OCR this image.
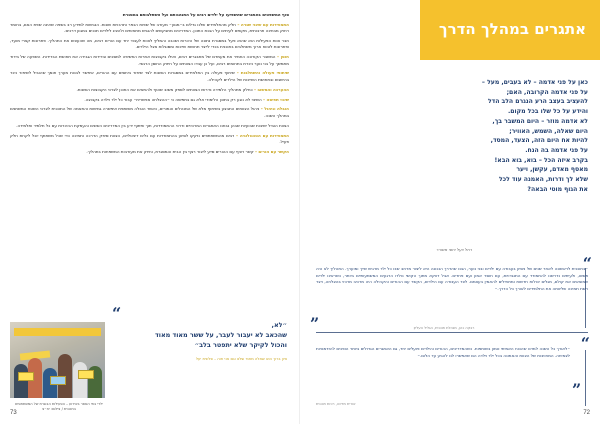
סוף המשפטים באתגרים שהשפיעו על ילדים רבים על התנהגותם ועל השתלבותם במסגרת

התמודדות עם שינוי שגרה – חלק מהתלמידים שלנו גדלים ב״מגוון״ מעורב של שפות הכפר ותרבויות שונות. הנגישות למידע רב בשפה שאינה שפת האם, בחומר רחוק מבחינה תרבותית, מקשים לעיתים על הבנת התוכן. המדריכים מתבקשים להנגיש מתאימים ולהציג לילדים תכנים במגוון דרכים.

חבר צוות הפעילות הוא שהוא פעל במסגרת נתונה של היכרות ושכבה והמליץ לצוות לעבוד יחד עם הורים רבים, מה שהעצים את התהליך. פתרונות קצרי מועד, ופתרונות לטווח ארוך משתלבים בתוכנית בכדי לייצר תחושת שייכות ומסוגלות אצל הילדים.

חוסן – המשבר הקורונה החמיר את מעמדם של מתבגרים רבים, ואילו בקבוצות אחרות החשיפה למסכים ובדידות הגבירה את תחושת הבדידות. השפעה של בידוד מתמשך על בני נוער ניכרת בתחומים רבים, ועל כן עבדו הצוותים על חיזוק החוסן הרגשי.

שיתופי פעולה והשתלבות – שיתוף פעולה בין התלמידים במסגרות השונות לצד שיפור ביחסים עם ההורים, איפשר לבנות מערך תומך שהוביל לשיפור ניכר בהישגים ובתחושת השייכות של הילדים לקהילה.

ההערכה והמשוב – כחלק מתהליך הלמידה נדרשו הצוותים לספק משוב שוטף ולהתאים את התוכן לצרכי הקבוצות השונות.

שינוי תפיסה – השינוי לא נוגע רק בתוכן הלימודי אלא גם בתפיסה כי ״ההצלחה אפשרית״ עבור כל ילד וילדה בקבוצה.

הובלה וניהול – ניהול הצוותים התבצע בשיתוף מלא של המנהלים והמורים, כאשר הובלה משותפת איפשרה גמישות והתאמה של התוכנית לצרכי השטח המשתנים במהלך השנה.

הצוות הוביל ישיבות שבועיות שבהן נבחנו האתגרים המרכזיים ודרכי ההתמודדות, תוך שיתוף ידע בין המדריכים השונים והעמקת ההיכרות עם כל תלמיד ותלמידה.

התמודדות עם הטכנולוגיה – רבים מהמשתתפים נזקקו לסיוע בהתמודדות עם כלים דיגיטליים, הצוות סיפק הדרכה ותמיכה כדי שכל משתתף יוכל לקחת חלק פעיל.

הקשר עם הורים – קשר רציף עם ההורים סייע ליצור רצף בין הבית והמסגרת, וחיזק את מעורבות המשפחות בתהליך.

“
״לא,
שהכאב לא יעבור לעבר, על ששר מאוד מאוד
והכול לקיקר שלא יתפטר בלב״
ציון ברוך הוא שאלה מאוד שלנו וגם אני חוה – פלונית יעל
ילדי בתי הספר באירוע – הפעילות הבוגרת של המשתתפים בתוכנית / צילום: יח״צ
73
אתגרים במהלך הדרך
כאן על פני אדמה – לא בעבים, מעל –
על פני אדמה הקרובה, האם;
להעציב בעצב הרע הנגרם הלב הדל
והידע על כל שלו בכל מקום.
לא אדמה מוזר – היום המשבר בך,
היום שאלה, השמש, האוויר;
להיות אח היום הזה, הצעד, המסד,
על פני אדמה בה הנח.
בקרב איזה הכל – בוא, בוא הבא!
מאסף מאדם, עקשן, ויער
שלא לך ודרות, האמנה עוד לכל
את הגוף מוטי הבאה?
רחל ויעל יחסי משורר
“
״בתוכנית לראשונה לאחר שנים של ניסיון בעבודה עם ילדים ובני נוער, הבנו שהדרך הנכונה היא ליצור מרחב שבו כל ילד מרגיש שייך ומוערך. התהליך לא היה פשוט, ולעיתים נדרשנו להתמודד עם התנגדויות, עם חוסר אמון ועם פחדים. אבל דווקא מתוך הקושי נולדו הרגעים המשמעותיים ביותר, כשראינו ילדים שמוצאים את קולם, מגלים יכולות חדשות ומתחילים להאמין בעצמם. לצד העבודה עם הילדים, הקשר עם ההורים והקהילה היה מרכיב מרכזי בהצלחה, ויצר רשת תמיכה שליוותה את התלמידים לאורך כל הדרך.״
”	רבקה כהן, מנהלת תוכנית, הגליל העליון
“
״לאורך כל השנה למדנו שהכוח האמיתי טמון בשותפות. כשהמדריכים, ההורים והילדים פועלים יחד, גם האתגרים הגדולים ביותר הופכים להזדמנויות לצמיחה. המחויבות של הצוות והאמונה בכל ילד וילדה הם שאפשרו לנו להגיע עד הלום.״
”
אורית מדינה, רכזת תוכנית
72
